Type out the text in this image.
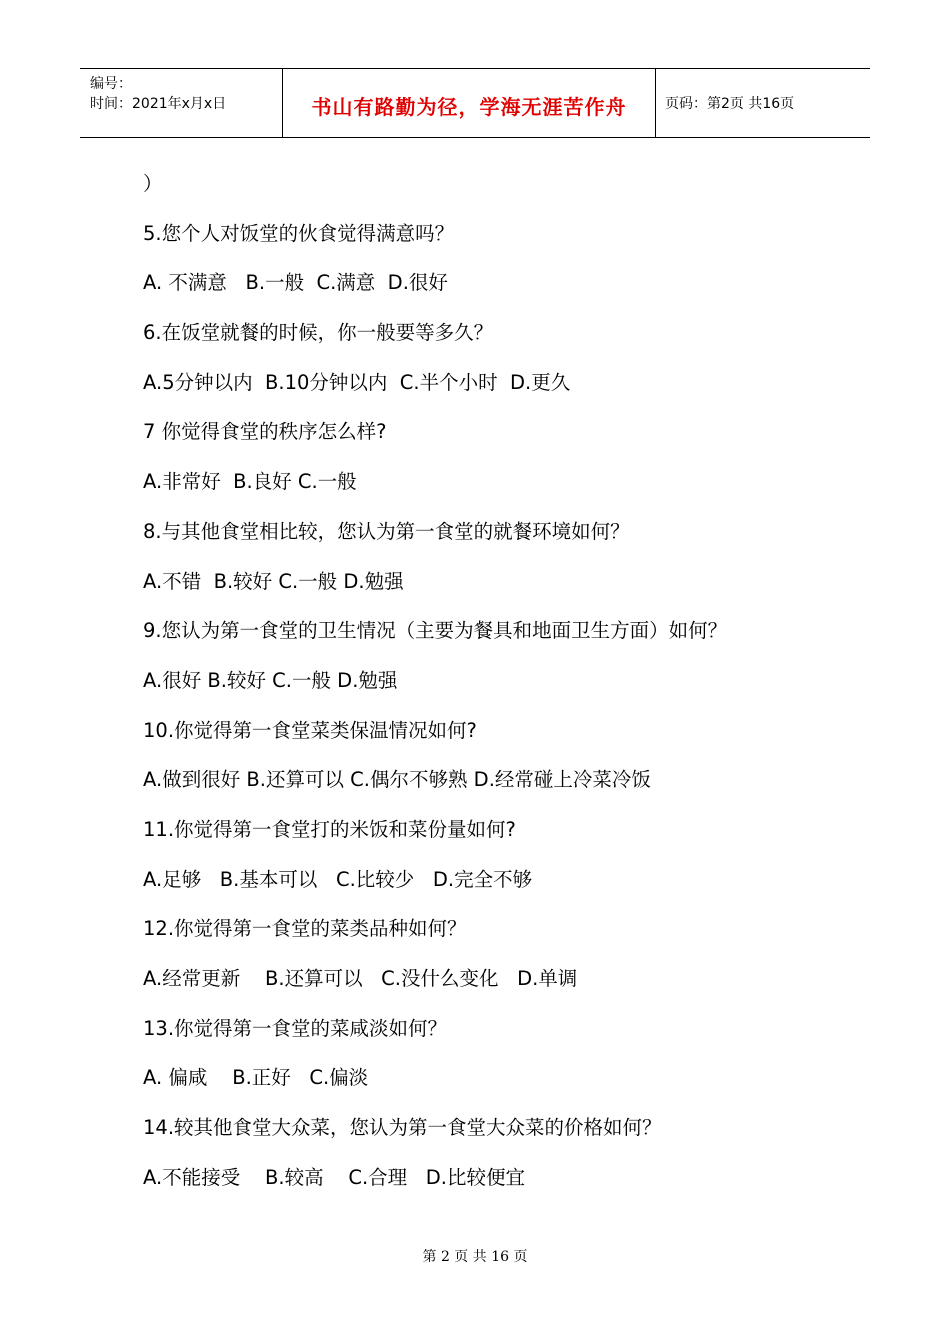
编号：
时间：2021年x月x日	书山有路勤为径，学海无涯苦作舟	页码：第2页 共16页
）
5.您个人对饭堂的伙食觉得满意吗？
A. 不满意   B.一般  C.满意  D.很好
6.在饭堂就餐的时候，你一般要等多久？
A.5分钟以内  B.10分钟以内  C.半个小时  D.更久
7 你觉得食堂的秩序怎么样?
A.非常好  B.良好 C.一般
8.与其他食堂相比较，您认为第一食堂的就餐环境如何？
A.不错  B.较好 C.一般 D.勉强
9.您认为第一食堂的卫生情况（主要为餐具和地面卫生方面）如何？
A.很好 B.较好 C.一般 D.勉强
10.你觉得第一食堂菜类保温情况如何?
A.做到很好 B.还算可以 C.偶尔不够熟 D.经常碰上冷菜冷饭
11.你觉得第一食堂打的米饭和菜份量如何?
A.足够   B.基本可以   C.比较少   D.完全不够
12.你觉得第一食堂的菜类品种如何？
A.经常更新    B.还算可以   C.没什么变化   D.单调
13.你觉得第一食堂的菜咸淡如何？
A. 偏咸    B.正好   C.偏淡
14.较其他食堂大众菜，您认为第一食堂大众菜的价格如何？
A.不能接受    B.较高    C.合理   D.比较便宜
第 2 页 共 16 页
